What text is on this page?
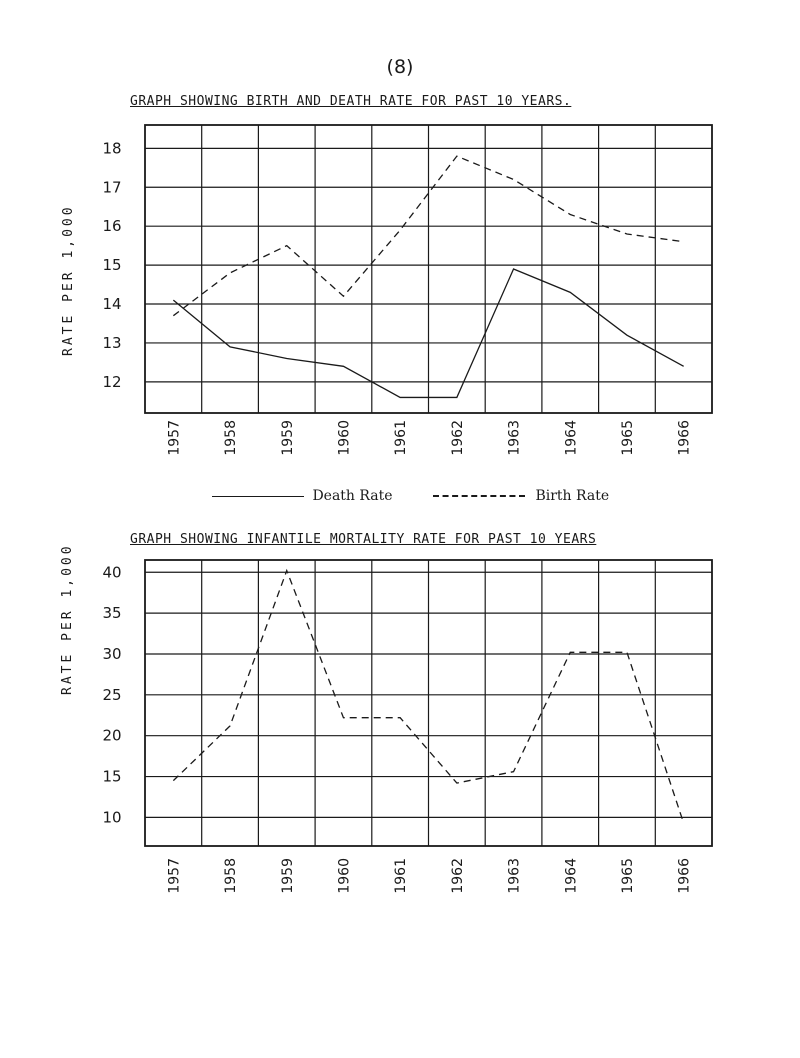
(8)
GRAPH SHOWING BIRTH AND DEATH RATE FOR PAST 10 YEARS.
RATE PER 1,000
GRAPH SHOWING INFANTILE MORTALITY RATE FOR PAST 10 YEARS
RATE PER 1,000
Death Rate	Birth Rate
18
17
16
15
14
13
12
1957	1958	1959	1960	1961	1962	1963	1964	1965	1966
40
35
30
25
20
15
10
1957	1958	1959	1960	1961	1962	1963	1964	1965	1966
